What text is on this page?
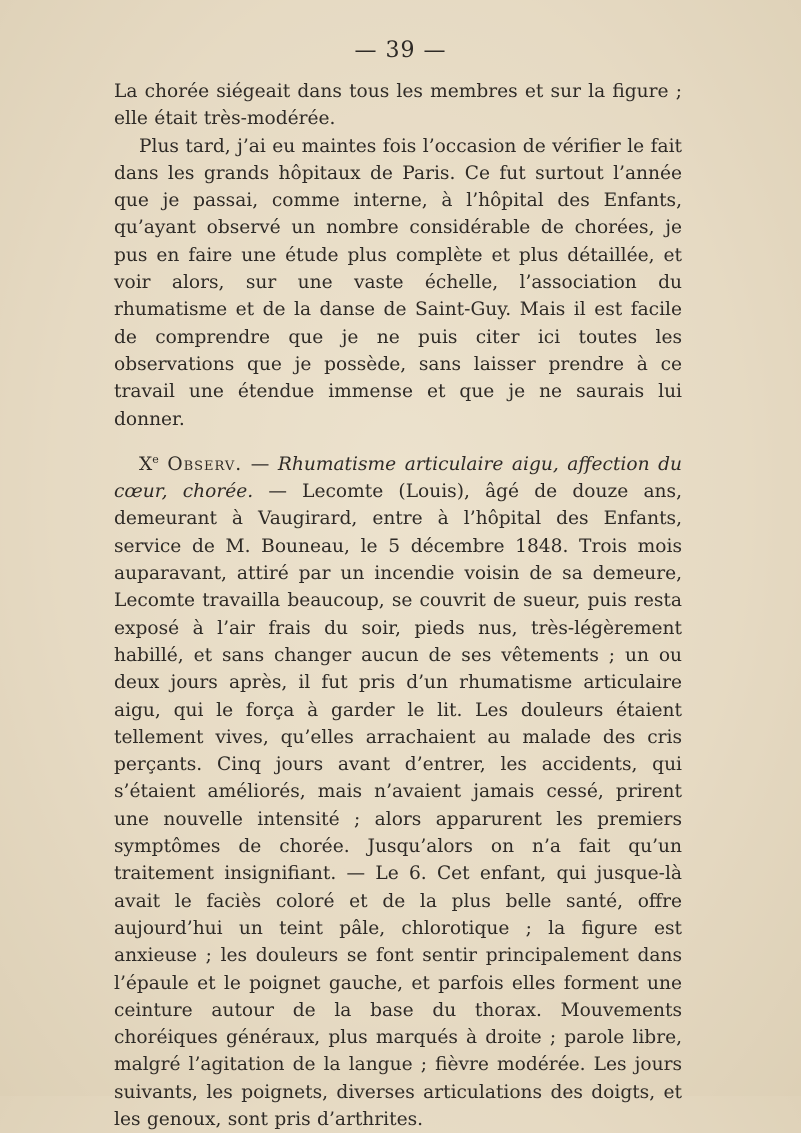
— 39 —

La chorée siégeait dans tous les membres et sur la figure ; elle était très-modérée.

Plus tard, j’ai eu maintes fois l’occasion de vérifier le fait dans les grands hôpitaux de Paris. Ce fut surtout l’année que je passai, comme interne, à l’hôpital des Enfants, qu’ayant observé un nombre considérable de chorées, je pus en faire une étude plus complète et plus détaillée, et voir alors, sur une vaste échelle, l’association du rhumatisme et de la danse de Saint-Guy. Mais il est facile de comprendre que je ne puis citer ici toutes les observations que je possède, sans laisser prendre à ce travail une étendue immense et que je ne saurais lui donner.

Xe Observ. — Rhumatisme articulaire aigu, affection du cœur, chorée. — Lecomte (Louis), âgé de douze ans, demeurant à Vaugirard, entre à l’hôpital des Enfants, service de M. Bouneau, le 5 décembre 1848. Trois mois auparavant, attiré par un incendie voisin de sa demeure, Lecomte travailla beaucoup, se couvrit de sueur, puis resta exposé à l’air frais du soir, pieds nus, très-légèrement habillé, et sans changer aucun de ses vêtements ; un ou deux jours après, il fut pris d’un rhumatisme articulaire aigu, qui le força à garder le lit. Les douleurs étaient tellement vives, qu’elles arrachaient au malade des cris perçants. Cinq jours avant d’entrer, les accidents, qui s’étaient améliorés, mais n’avaient jamais cessé, prirent une nouvelle intensité ; alors apparurent les premiers symptômes de chorée. Jusqu’alors on n’a fait qu’un traitement insignifiant. — Le 6. Cet enfant, qui jusque-là avait le faciès coloré et de la plus belle santé, offre aujourd’hui un teint pâle, chlorotique ; la figure est anxieuse ; les douleurs se font sentir principalement dans l’épaule et le poignet gauche, et parfois elles forment une ceinture autour de la base du thorax. Mouvements choréiques généraux, plus marqués à droite ; parole libre, malgré l’agitation de la langue ; fièvre modérée. Les jours suivants, les poignets, diverses articulations des doigts, et les genoux, sont pris d’arthrites.
